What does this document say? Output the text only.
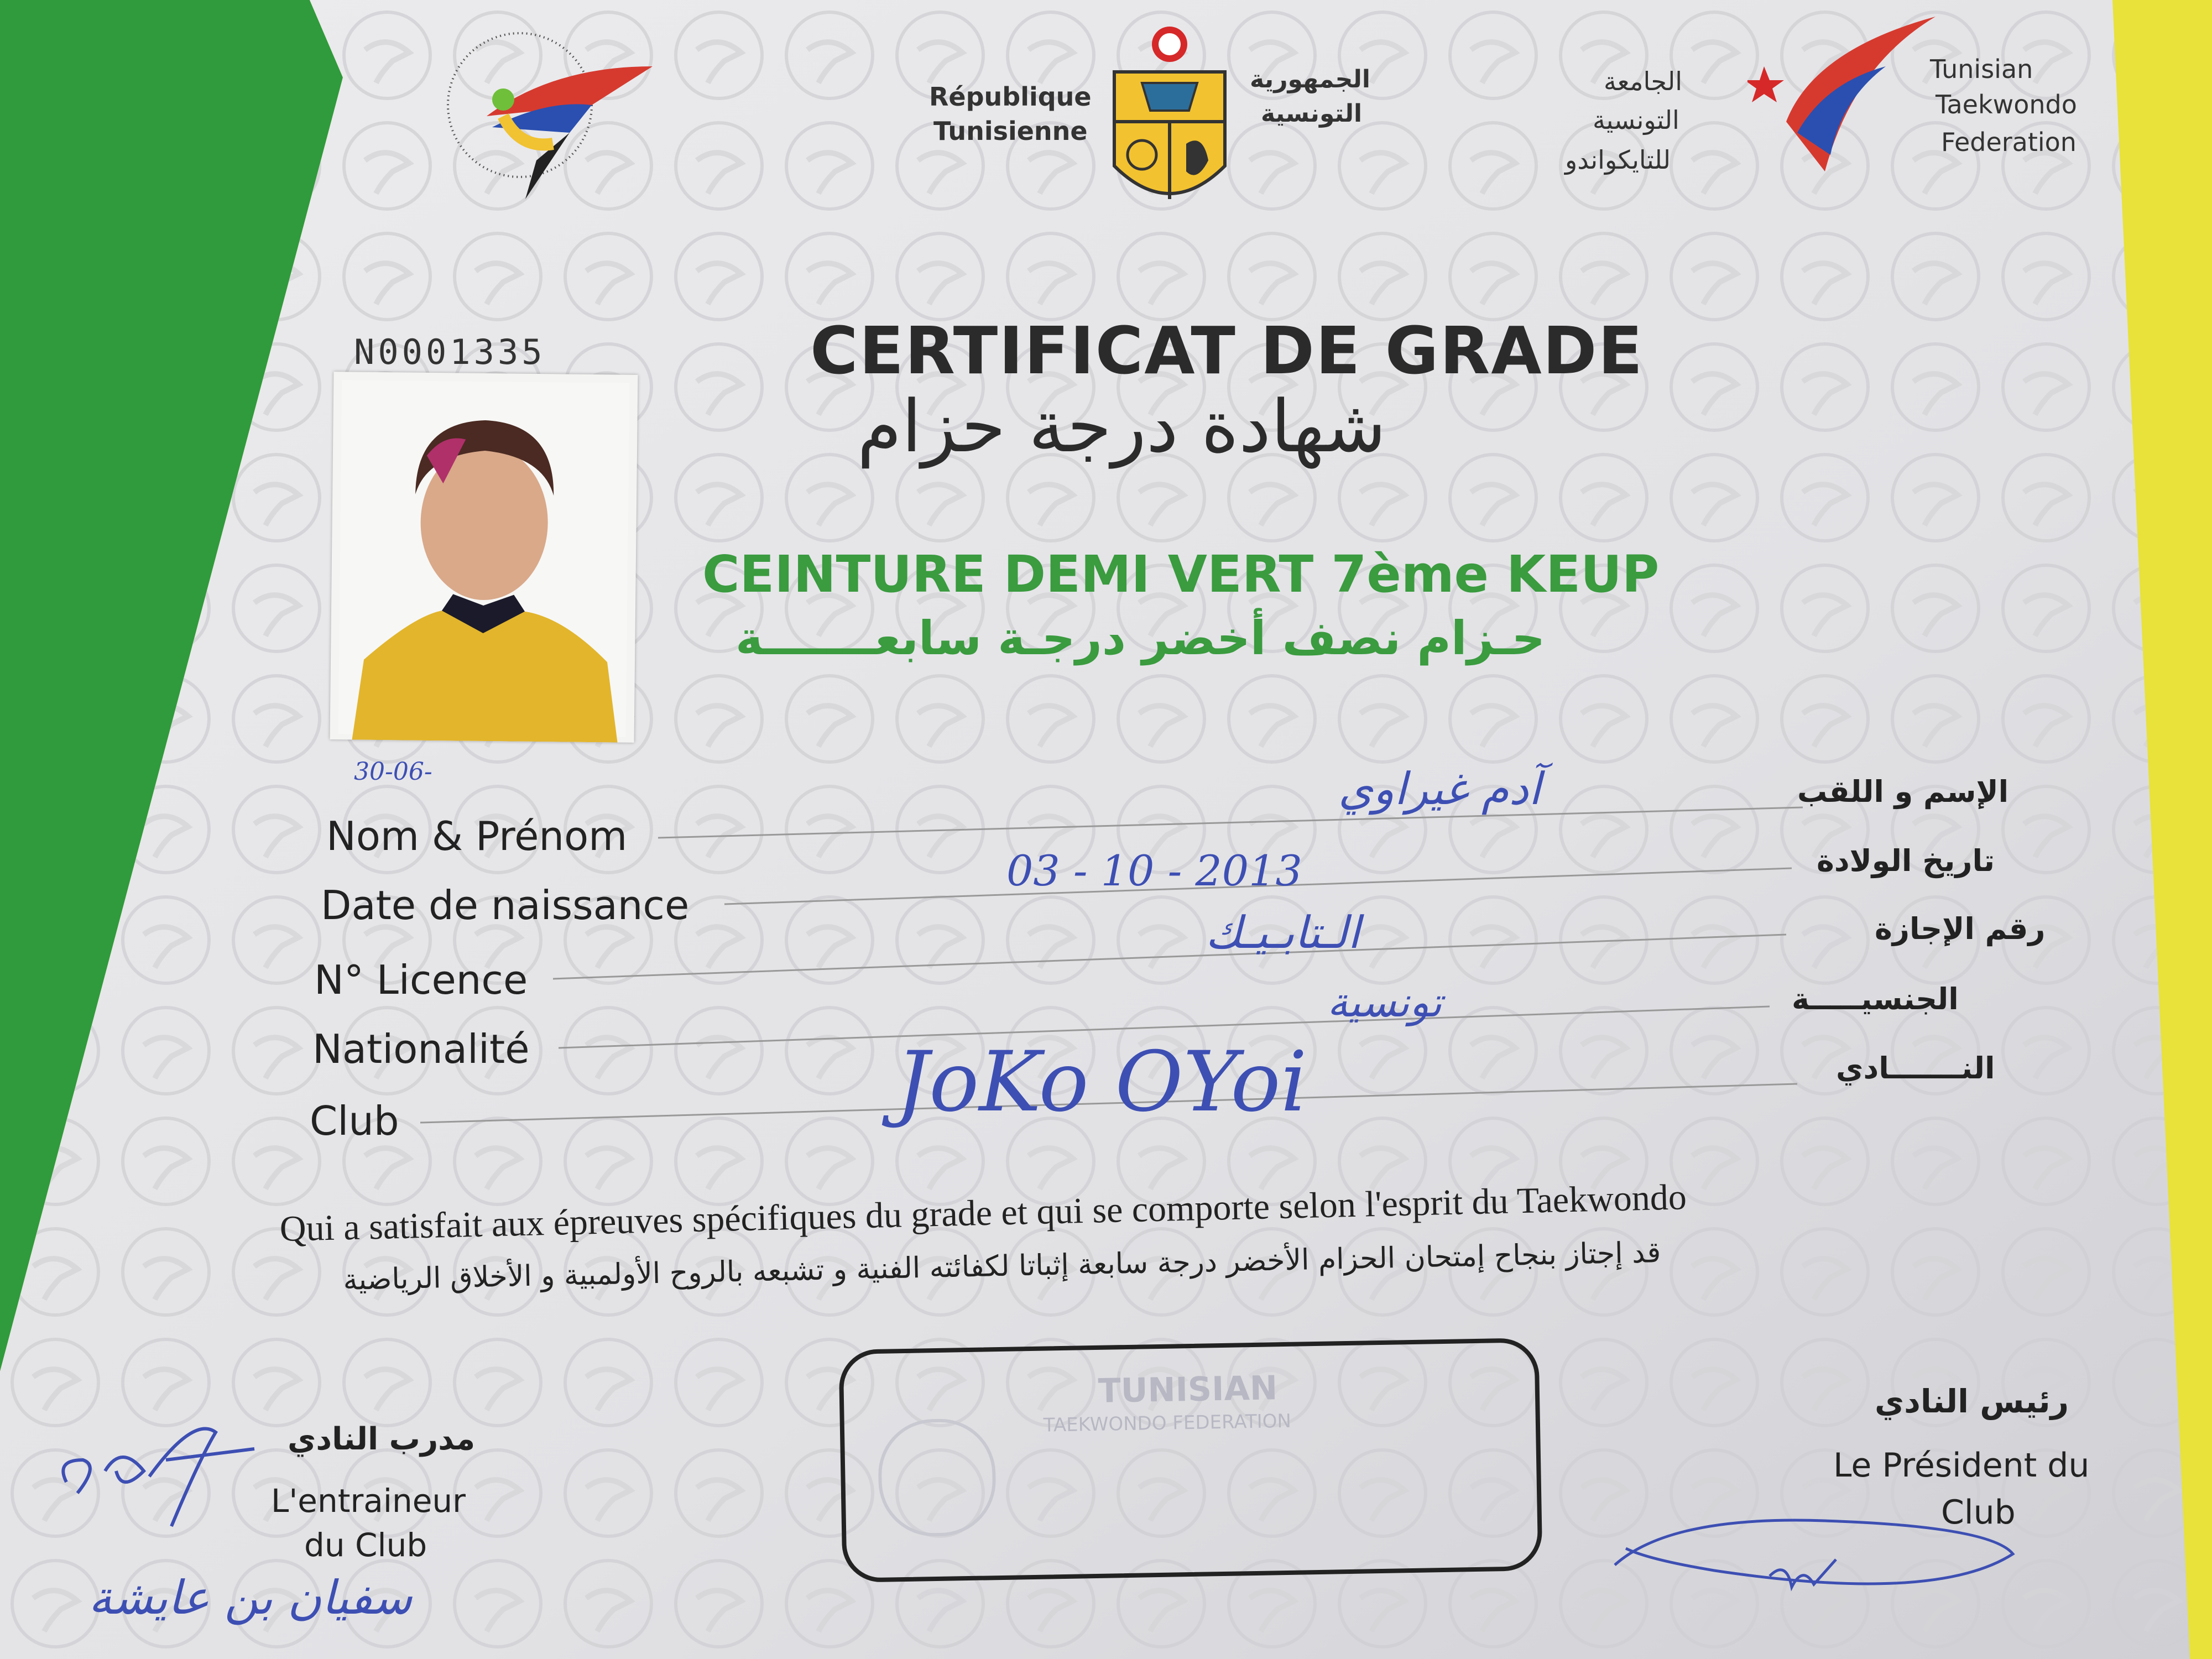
République
Tunisienne
الجمهورية
التونسية
الجامعة
التونسية
للتايكواندو
Tunisian
Taekwondo
Federation
N0001335	CERTIFICAT DE GRADE
شهادة درجة حزام
30-06-
CEINTURE DEMI VERT 7ème KEUP
حـزام نصف أخضر درجـة سابعـــــــة
Nom & Prénom
Date de naissance
N° Licence
Nationalité
Club
آدم غيراوي
03 - 10 - 2013
الـتابـيـك
تونسية
JoKo OYoi
الإسم و اللقب
تاريخ الولادة
رقم الإجازة
الجنسيـــــة
النـــــــادي
Qui a satisfait aux épreuves spécifiques du grade et qui se comporte selon l'esprit du Taekwondo
قد إجتاز بنجاح إمتحان الحزام الأخضر درجة سابعة إثباتا لكفائته الفنية و تشبعه بالروح الأولمبية و الأخلاق الرياضية
TUNISIAN
TAEKWONDO FEDERATION
مدرب النادي
L'entraineur
du Club
سفيان بن عايشة
رئيس النادي
Le Président du
Club
